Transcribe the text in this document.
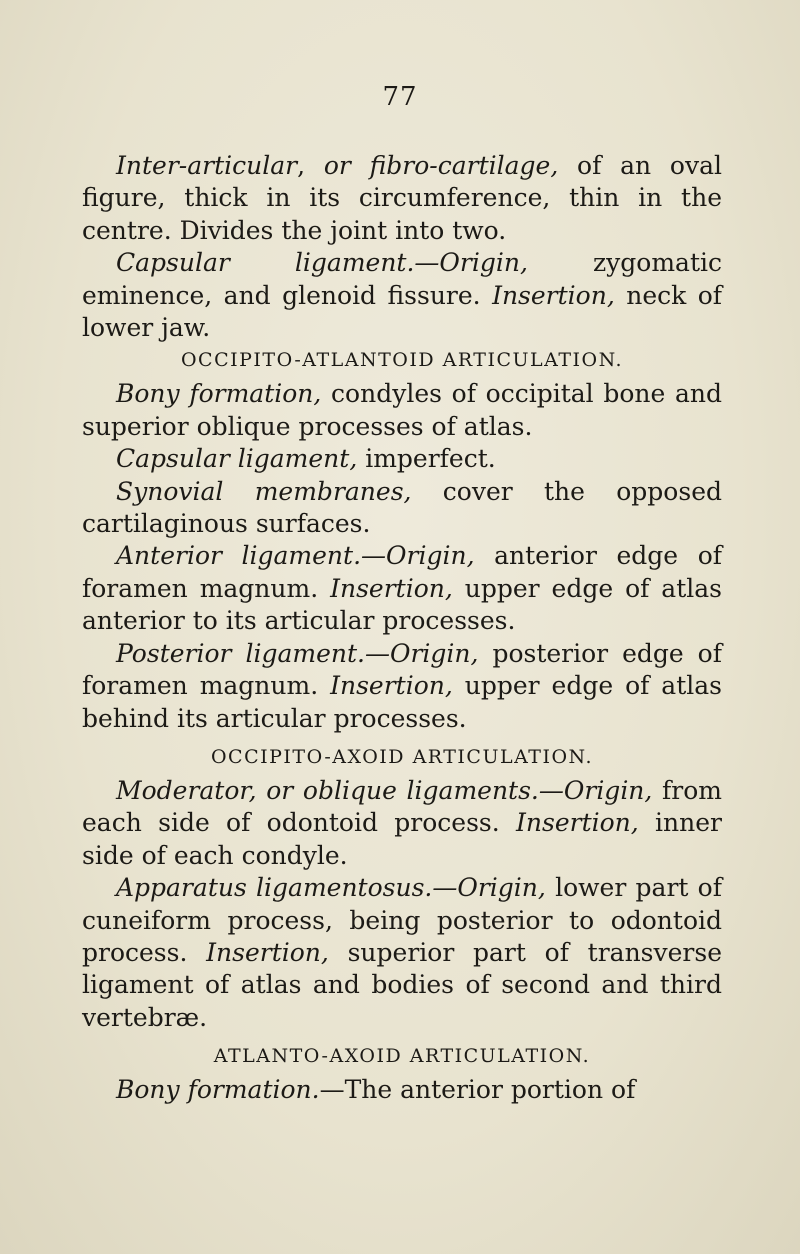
77

Inter-articular, or fibro-cartilage, of an oval figure, thick in its circumference, thin in the centre. Divides the joint into two.

Capsular ligament.—Origin, zygomatic eminence, and glenoid fissure. Insertion, neck of lower jaw.

OCCIPITO-ATLANTOID ARTICULATION.

Bony formation, condyles of occipital bone and superior oblique processes of atlas.

Capsular ligament, imperfect.

Synovial membranes, cover the opposed cartilaginous surfaces.

Anterior ligament.—Origin, anterior edge of foramen magnum. Insertion, upper edge of atlas anterior to its articular processes.

Posterior ligament.—Origin, posterior edge of foramen magnum. Insertion, upper edge of atlas behind its articular processes.

OCCIPITO-AXOID ARTICULATION.

Moderator, or oblique ligaments.—Origin, from each side of odontoid process. Insertion, inner side of each condyle.

Apparatus ligamentosus.—Origin, lower part of cuneiform process, being posterior to odontoid process. Insertion, superior part of transverse ligament of atlas and bodies of second and third vertebræ.

ATLANTO-AXOID ARTICULATION.

Bony formation.—The anterior portion of
